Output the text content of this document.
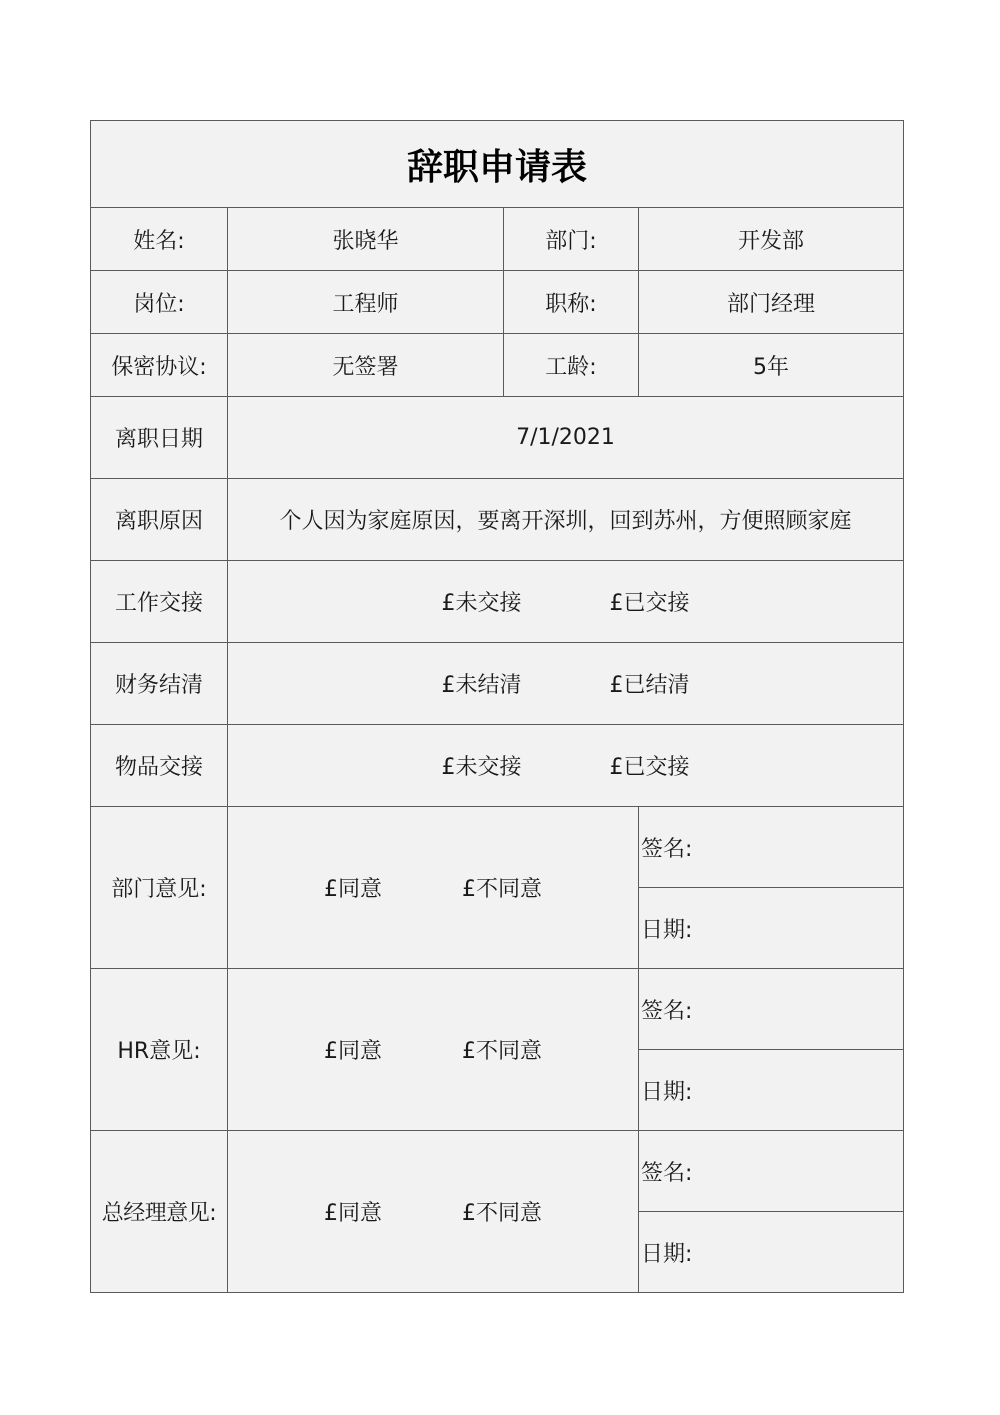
辞职申请表			
姓名:	张晓华	部门:	开发部
岗位:	工程师	职称:	部门经理
保密协议:	无签署	工龄:	5年
离职日期	7/1/2021		
离职原因	个人因为家庭原因，要离开深圳，回到苏州，方便照顾家庭		
工作交接	£未交接 £已交接		
财务结清	£未结清 £已结清		
物品交接	£未交接 £已交接		
部门意见:	£同意 £不同意		签名:
			日期:
HR意见:	£同意 £不同意		签名:
			日期:
总经理意见:	£同意 £不同意		签名:
			日期:
